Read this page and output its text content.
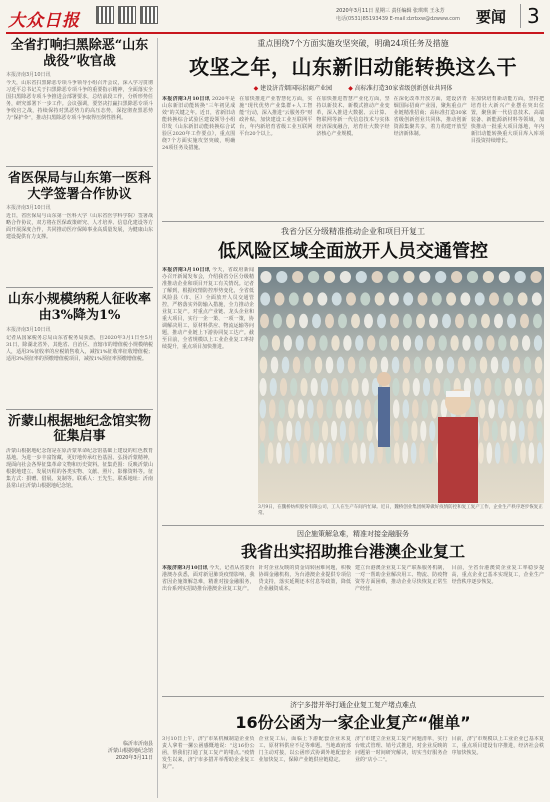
大众日报	2020年3月11日 星期三 责任编辑 张琪琪 王永芳
电话(0531)85193439 E-mail:dzrbxw@dzwww.com 要闻	3
全省打响扫黑除恶“山东战役”收官战
本报济南3月10日讯
今天，山东省扫黑除恶专项斗争领导小组召开会议，深入学习贯彻习近平总书记关于扫黑除恶专项斗争的重要指示精神，全面落实全国扫黑除恶专项斗争推进会部署要求，总结前段工作，分析形势任务，研究部署下一步工作。会议强调，要坚决打赢扫黑除恶专项斗争收官之战，持续保持对黑恶势力的高压态势，深挖彻查黑恶势力“保护伞”，推动扫黑除恶专项斗争取得压倒性胜利。
省医保局与山东第一医科大学签署合作协议
本报济南3月10日讯
近日，省医保局与山东第一医科大学（山东省医学科学院）签署战略合作协议，双方将在医保政策研究、人才培养、信息化建设等方面开展深度合作，共同推动医疗保障事业高质量发展，为健康山东建设提供有力支撑。
山东小规模纳税人征收率由3%降为1%
本报济南3月10日讯
记者从国家税务总局山东省税务局获悉，自2020年3月1日至5月31日，除湖北省外，其他省、自治区、直辖市的增值税小规模纳税人，适用3%征收率的应税销售收入，减按1%征收率征收增值税；适用3%预征率的预缴增值税项目，减按1%预征率预缴增值税。
沂蒙山根据地纪念馆实物征集启事
沂蒙山根据地纪念馆是在原沂蒙革命纪念馆基础上建设的红色教育基地。为进一步丰富馆藏，更好地传承红色基因、弘扬沂蒙精神，现面向社会各界征集革命文物和历史资料。征集范围：反映沂蒙山根据地建立、发展历程的各类实物、文献、照片、影像资料等。征集方式：捐赠、借展、复制等。联系人：王先生。联系地址：沂南县常山庄沂蒙山根据地纪念馆。
临沂市沂南县
沂蒙山根据地纪念馆
2020年3月11日
重点围绕7个方面实施攻坚突破，明确24项任务及措施
攻坚之年，山东新旧动能转换这么干
◆ 建设济青烟国际招商产业园
◆	高标准打造30家省级创新创业共同体
本报济南3月10日讯 2020年是山东新旧动能转换“三年初见成效”的关键之年。近日，省新旧动能转换综合试验区建设领导小组印发《山东新旧动能转换综合试验区2020年工作要点》，重点围绕7个方面实施攻坚突破，明确24项任务及措施。
在加快推进产业智慧化方面，实施“现代优势产业集群+人工智能”行动，深入推进“云服务券”财政补贴，加快建设工业互联网平台，年内新培育省级工业互联网平台20个以上。
在加快推进智慧产业化方面，坚持以新技术、新模式推动产业变革，深入推进大数据、云计算、物联网等新一代信息技术与实体经济深度融合，培育壮大数字经济核心产业规模。
在深化改革开放方面，建设济青烟国际招商产业园，聚焦重点产业链精准招商；高标准打造30家省级创新创业共同体，推动创新资源集聚共享，着力构建开放型经济新体制。
在加快培育新动能方面，坚持把培育壮大新兴产业摆在突出位置，聚焦新一代信息技术、高端装备、新能源新材料等领域，加快推动一批重大项目落地，年内新旧动能转换重大项目库入库项目投资持续增长。
我省分区分级精准推动企业和项目开复工
低风险区域全面放开人员交通管控
本报济南3月10日讯 今天，省政府新闻办召开新闻发布会，介绍我省分区分级精准推动企业和项目开复工有关情况。记者了解到，根据疫情防控形势变化，全省低风险县（市、区）全面放开人员交通管控，严格落实外防输入措施，全力推动企业复工复产。对重点产业链、龙头企业和重大项目，实行一企一策、一项一策，协调解决用工、原材料供应、物流运输等问题，推动产业链上下游协同复工达产。截至目前，全省规模以上工业企业复工率持续提升，重点项目加快推进。
3月9日，在魏桥纺织股份有限公司，工人在生产车间内忙碌。近日，魏桥创业集团统筹做好疫情防控和复工复产工作，企业生产秩序逐步恢复正常。
因企施策解急难，精准对接金融服务
我省出实招助推台港澳企业复工
本报济南3月10日讯 今天，记者从省委台港澳办获悉，面对新冠肺炎疫情影响，我省因企施策解急难，精准对接金融服务，出台系列实招助推台港澳企业复工复产。
针对企业反映的资金周转困难问题，积极协调金融机构，为台港澳企业提供专项信贷支持，落实延期还本付息等政策，降低企业融资成本。
建立台港澳企业复工复产联系服务机制，一对一帮助企业解决用工、物流、防疫物资等方面困难，推动企业尽快恢复正常生产经营。
目前，全省台港澳资企业复工率稳步提高，重点企业已基本实现复工，企业生产经营秩序逐步恢复。
济宁多措并举打通企业复工复产堵点难点
16份公函为一家企业复产“催单”
3月10日上午，济宁市某机械制造企业负责人拿着一摞公函感慨地说：“这16份公函，帮我们打通了复工复产的堵点。”疫情发生以来，济宁市多措并举帮助企业复工复产。
企业复工后，面临上下游配套企业未复工、原材料供应不足等难题。当地政府部门主动对接，以公函形式协调外地配套企业加快复工，保障产业链供应链稳定。
济宁市建立企业复工复产问题清单，实行台账式管理、销号式推进，对企业反映的问题第一时间研究解决，切实当好服务企业的“店小二”。
目前，济宁市规模以上工业企业已基本复工，重点项目建设有序推进，经济社会秩序加快恢复。
